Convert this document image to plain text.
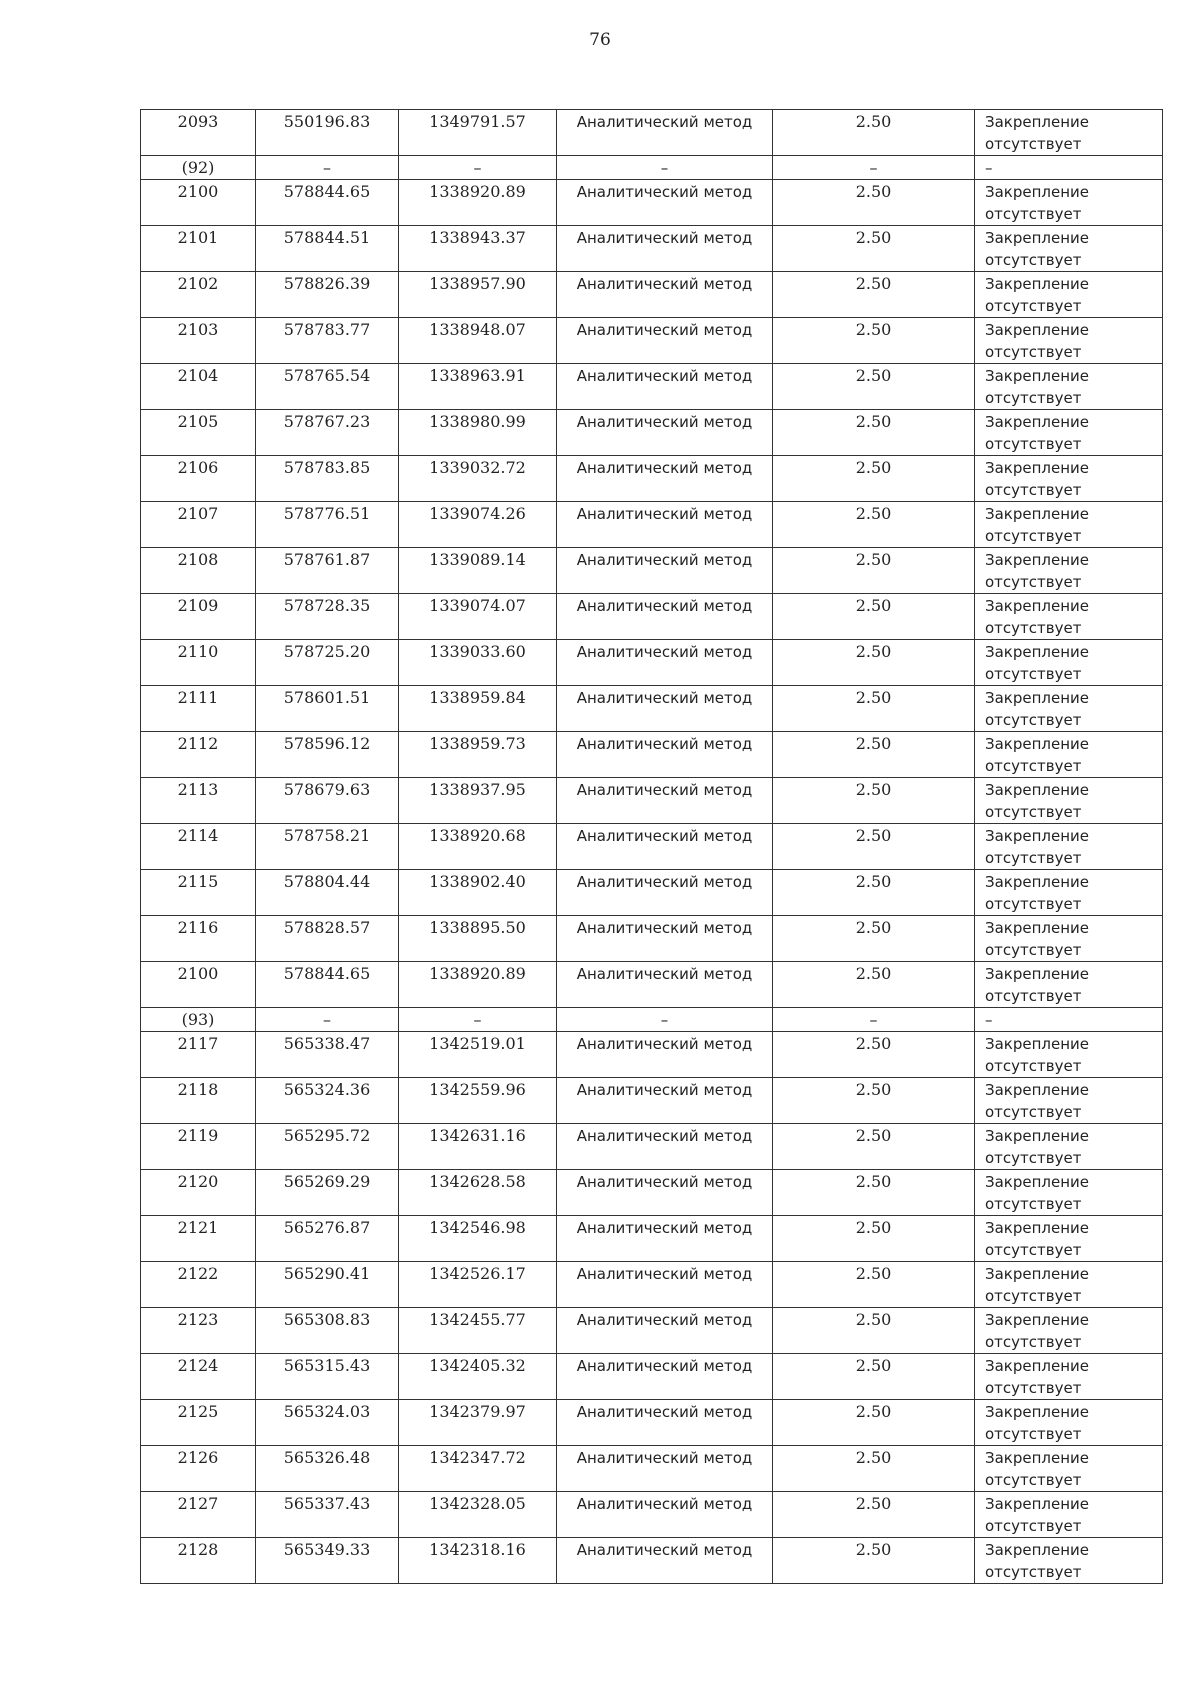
76
2093	550196.83	1349791.57	Аналитический метод	2.50	Закрепление отсутствует

(92)	–	–	–	–	–

2100	578844.65	1338920.89	Аналитический метод	2.50	Закрепление отсутствует

2101	578844.51	1338943.37	Аналитический метод	2.50	Закрепление отсутствует

2102	578826.39	1338957.90	Аналитический метод	2.50	Закрепление отсутствует

2103	578783.77	1338948.07	Аналитический метод	2.50	Закрепление отсутствует

2104	578765.54	1338963.91	Аналитический метод	2.50	Закрепление отсутствует

2105	578767.23	1338980.99	Аналитический метод	2.50	Закрепление отсутствует

2106	578783.85	1339032.72	Аналитический метод	2.50	Закрепление отсутствует

2107	578776.51	1339074.26	Аналитический метод	2.50	Закрепление отсутствует

2108	578761.87	1339089.14	Аналитический метод	2.50	Закрепление отсутствует

2109	578728.35	1339074.07	Аналитический метод	2.50	Закрепление отсутствует

2110	578725.20	1339033.60	Аналитический метод	2.50	Закрепление отсутствует

2111	578601.51	1338959.84	Аналитический метод	2.50	Закрепление отсутствует

2112	578596.12	1338959.73	Аналитический метод	2.50	Закрепление отсутствует

2113	578679.63	1338937.95	Аналитический метод	2.50	Закрепление отсутствует

2114	578758.21	1338920.68	Аналитический метод	2.50	Закрепление отсутствует

2115	578804.44	1338902.40	Аналитический метод	2.50	Закрепление отсутствует

2116	578828.57	1338895.50	Аналитический метод	2.50	Закрепление отсутствует

2100	578844.65	1338920.89	Аналитический метод	2.50	Закрепление отсутствует

(93)	–	–	–	–	–

2117	565338.47	1342519.01	Аналитический метод	2.50	Закрепление отсутствует

2118	565324.36	1342559.96	Аналитический метод	2.50	Закрепление отсутствует

2119	565295.72	1342631.16	Аналитический метод	2.50	Закрепление отсутствует

2120	565269.29	1342628.58	Аналитический метод	2.50	Закрепление отсутствует

2121	565276.87	1342546.98	Аналитический метод	2.50	Закрепление отсутствует

2122	565290.41	1342526.17	Аналитический метод	2.50	Закрепление отсутствует

2123	565308.83	1342455.77	Аналитический метод	2.50	Закрепление отсутствует

2124	565315.43	1342405.32	Аналитический метод	2.50	Закрепление отсутствует

2125	565324.03	1342379.97	Аналитический метод	2.50	Закрепление отсутствует

2126	565326.48	1342347.72	Аналитический метод	2.50	Закрепление отсутствует

2127	565337.43	1342328.05	Аналитический метод	2.50	Закрепление отсутствует

2128	565349.33	1342318.16	Аналитический метод	2.50	Закрепление отсутствует
